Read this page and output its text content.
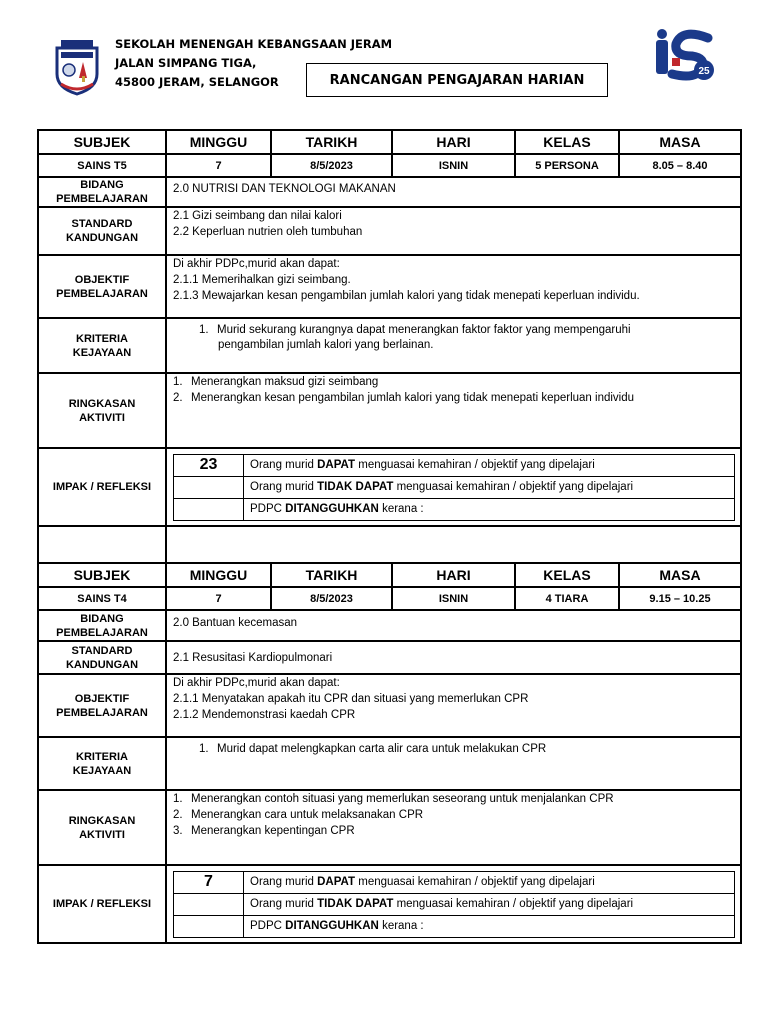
SEKOLAH MENENGAH KEBANGSAAN JERAM
JALAN SIMPANG TIGA,
45800 JERAM, SELANGOR	RANCANGAN PENGAJARAN HARIAN
25
SUBJEK	MINGGU	TARIKH	HARI	KELAS	MASA
SAINS T5	7	8/5/2023	ISNIN	5 PERSONA	8.05 – 8.40

BIDANG
PEMBELAJARAN

2.0 NUTRISI DAN TEKNOLOGI MAKANAN

STANDARD
KANDUNGAN

2.1 Gizi seimbang dan nilai kalori
2.2 Keperluan nutrien oleh tumbuhan

OBJEKTIF
PEMBELAJARAN

Di akhir PDPc,murid akan dapat:
2.1.1 Memerihalkan gizi seimbang.
2.1.3 Mewajarkan kesan pengambilan jumlah kalori yang tidak menepati keperluan individu.

KRITERIA
KEJAYAAN

1. Murid sekurang kurangnya dapat menerangkan faktor faktor yang mempengaruhi
pengambilan jumlah kalori yang berlainan.

RINGKASAN
AKTIVITI

1. Menerangkan maksud gizi seimbang
2. Menerangkan kesan pengambilan jumlah kalori yang tidak menepati keperluan individu

IMPAK / REFLEKSI	
23	Orang murid DAPAT menguasai kemahiran / objektif yang dipelajari
	Orang murid TIDAK DAPAT menguasai kemahiran / objektif yang dipelajari
	PDPC DITANGGUHKAN kerana :

SUBJEK	MINGGU	TARIKH	HARI	KELAS	MASA
SAINS T4	7	8/5/2023	ISNIN	4 TIARA	9.15 – 10.25

BIDANG
PEMBELAJARAN

2.0 Bantuan kecemasan

STANDARD
KANDUNGAN

2.1 Resusitasi Kardiopulmonari

OBJEKTIF
PEMBELAJARAN

Di akhir PDPc,murid akan dapat:
2.1.1 Menyatakan apakah itu CPR dan situasi yang memerlukan CPR
2.1.2 Mendemonstrasi kaedah CPR

KRITERIA
KEJAYAAN

1. Murid dapat melengkapkan carta alir cara untuk melakukan CPR

RINGKASAN
AKTIVITI

1. Menerangkan contoh situasi yang memerlukan seseorang untuk menjalankan CPR
2. Menerangkan cara untuk melaksanakan CPR
3. Menerangkan kepentingan CPR

IMPAK / REFLEKSI	
7	Orang murid DAPAT menguasai kemahiran / objektif yang dipelajari
	Orang murid TIDAK DAPAT menguasai kemahiran / objektif yang dipelajari
	PDPC DITANGGUHKAN kerana :
